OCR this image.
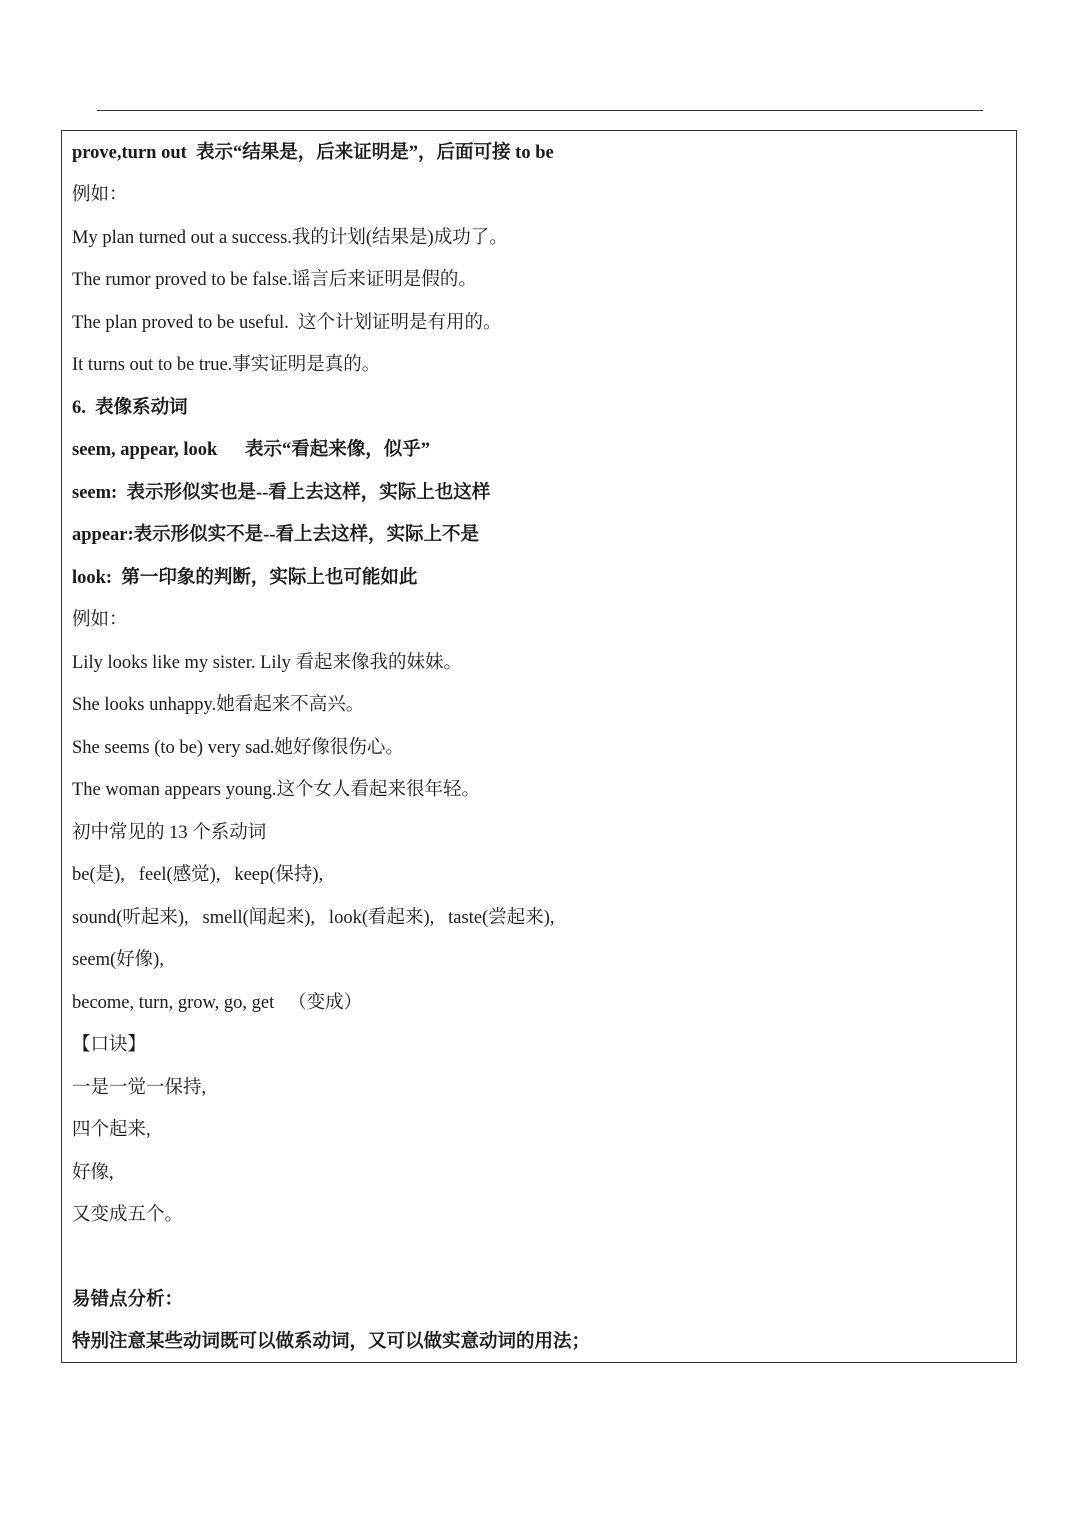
prove,turn out  表示“结果是，后来证明是”，后面可接 to be
例如：
My plan turned out a success.我的计划(结果是)成功了。
The rumor proved to be false.谣言后来证明是假的。
The plan proved to be useful.  这个计划证明是有用的。
It turns out to be true.事实证明是真的。
6.  表像系动词
seem, appear, look      表示“看起来像，似乎”
seem:  表示形似实也是--看上去这样，实际上也这样
appear:表示形似实不是--看上去这样，实际上不是
look:  第一印象的判断，实际上也可能如此
例如：
Lily looks like my sister. Lily 看起来像我的妹妹。
She looks unhappy.她看起来不高兴。
She seems (to be) very sad.她好像很伤心。
The woman appears young.这个女人看起来很年轻。
初中常见的 13 个系动词
be(是),   feel(感觉),   keep(保持),
sound(听起来),   smell(闻起来),   look(看起来),   taste(尝起来),
seem(好像),
become, turn, grow, go, get   （变成）
【口诀】
一是一觉一保持,
四个起来,
好像,
又变成五个。
易错点分析：
特别注意某些动词既可以做系动词，又可以做实意动词的用法；
